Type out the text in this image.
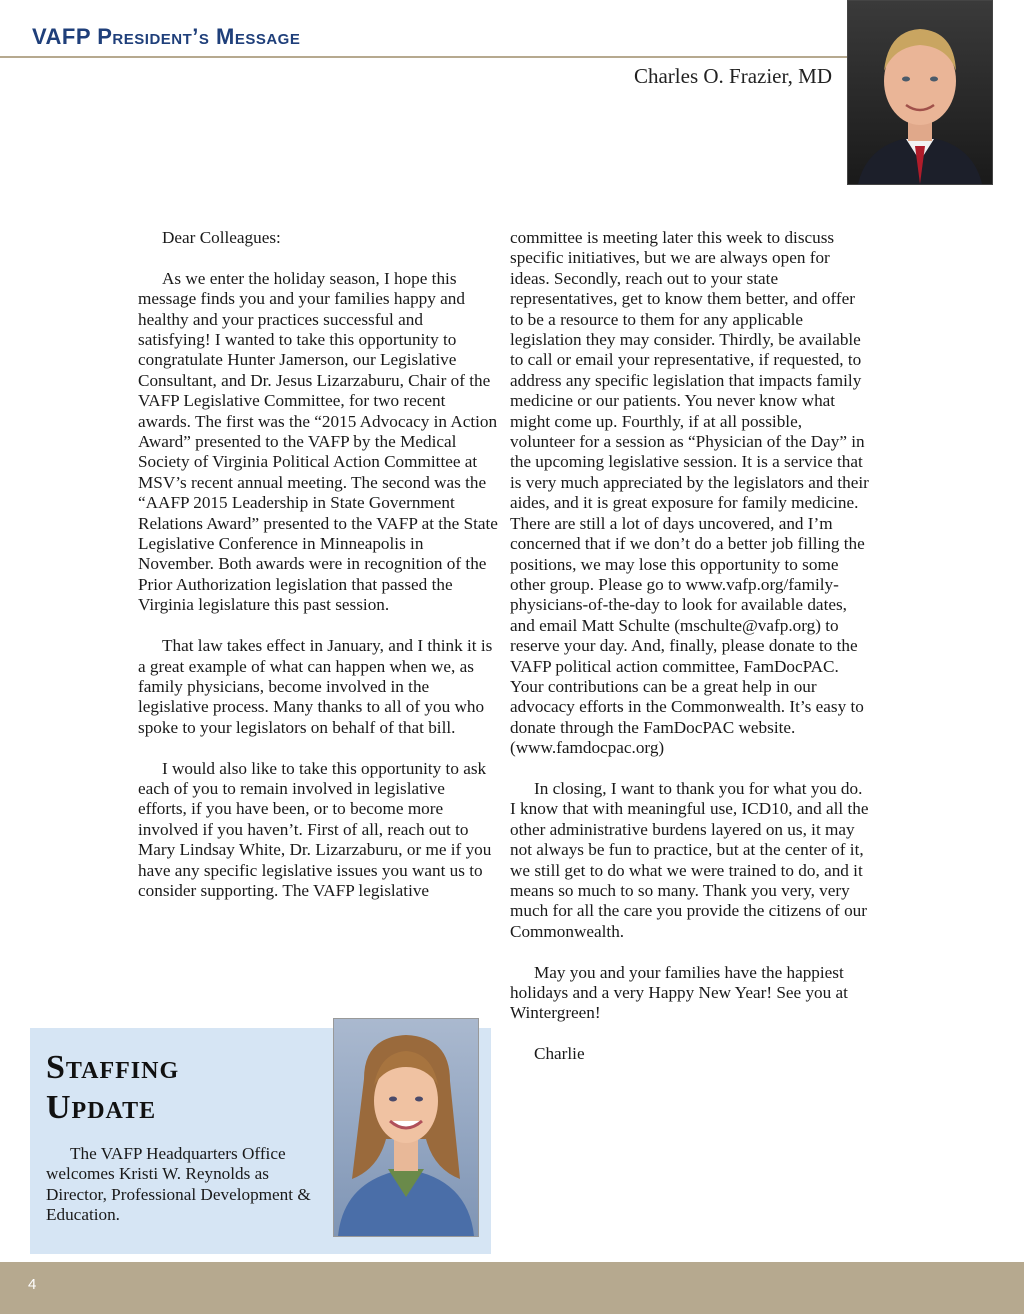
VAFP President’s Message
Charles O. Frazier, MD

Dear Colleagues:

As we enter the holiday season, I hope this message finds you and your families happy and healthy and your practices successful and satisfying! I wanted to take this opportunity to congratulate Hunter Jamerson, our Legislative Consultant, and Dr. Jesus Lizarzaburu, Chair of the VAFP Legislative Committee, for two recent awards. The first was the “2015 Advocacy in Action Award” presented to the VAFP by the Medical Society of Virginia Political Action Committee at MSV’s recent annual meeting. The second was the “AAFP 2015 Leadership in State Government Relations Award” presented to the VAFP at the State Legislative Conference in Minneapolis in November. Both awards were in recognition of the Prior Authorization legislation that passed the Virginia legislature this past session.

That law takes effect in January, and I think it is a great example of what can happen when we, as family physicians, become involved in the legislative process. Many thanks to all of you who spoke to your legislators on behalf of that bill.

I would also like to take this opportunity to ask each of you to remain involved in legislative efforts, if you have been, or to become more involved if you haven’t. First of all, reach out to Mary Lindsay White, Dr. Lizarzaburu, or me if you have any specific legislative issues you want us to consider supporting. The VAFP legislative

committee is meeting later this week to discuss specific initiatives, but we are always open for ideas. Secondly, reach out to your state representatives, get to know them better, and offer to be a resource to them for any applicable legislation they may consider. Thirdly, be available to call or email your representative, if requested, to address any specific legislation that impacts family medicine or our patients. You never know what might come up. Fourthly, if at all possible, volunteer for a session as “Physician of the Day” in the upcoming legislative session. It is a service that is very much appreciated by the legislators and their aides, and it is great exposure for family medicine. There are still a lot of days uncovered, and I’m concerned that if we don’t do a better job filling the positions, we may lose this opportunity to some other group. Please go to www.vafp.org/family-physicians-of-the-day to look for available dates, and email Matt Schulte (mschulte@vafp.org) to reserve your day. And, finally, please donate to the VAFP political action committee, FamDocPAC. Your contributions can be a great help in our advocacy efforts in the Commonwealth. It’s easy to donate through the FamDocPAC website. (www.famdocpac.org)

In closing, I want to thank you for what you do. I know that with meaningful use, ICD10, and all the other administrative burdens layered on us, it may not always be fun to practice, but at the center of it, we still get to do what we were trained to do, and it means so much to so many. Thank you very, very much for all the care you provide the citizens of our Commonwealth.

May you and your families have the happiest holidays and a very Happy New Year! See you at Wintergreen!

Charlie

Staffing Update

The VAFP Headquarters Office welcomes Kristi W. Reynolds as Director, Professional Development & Education.

4
